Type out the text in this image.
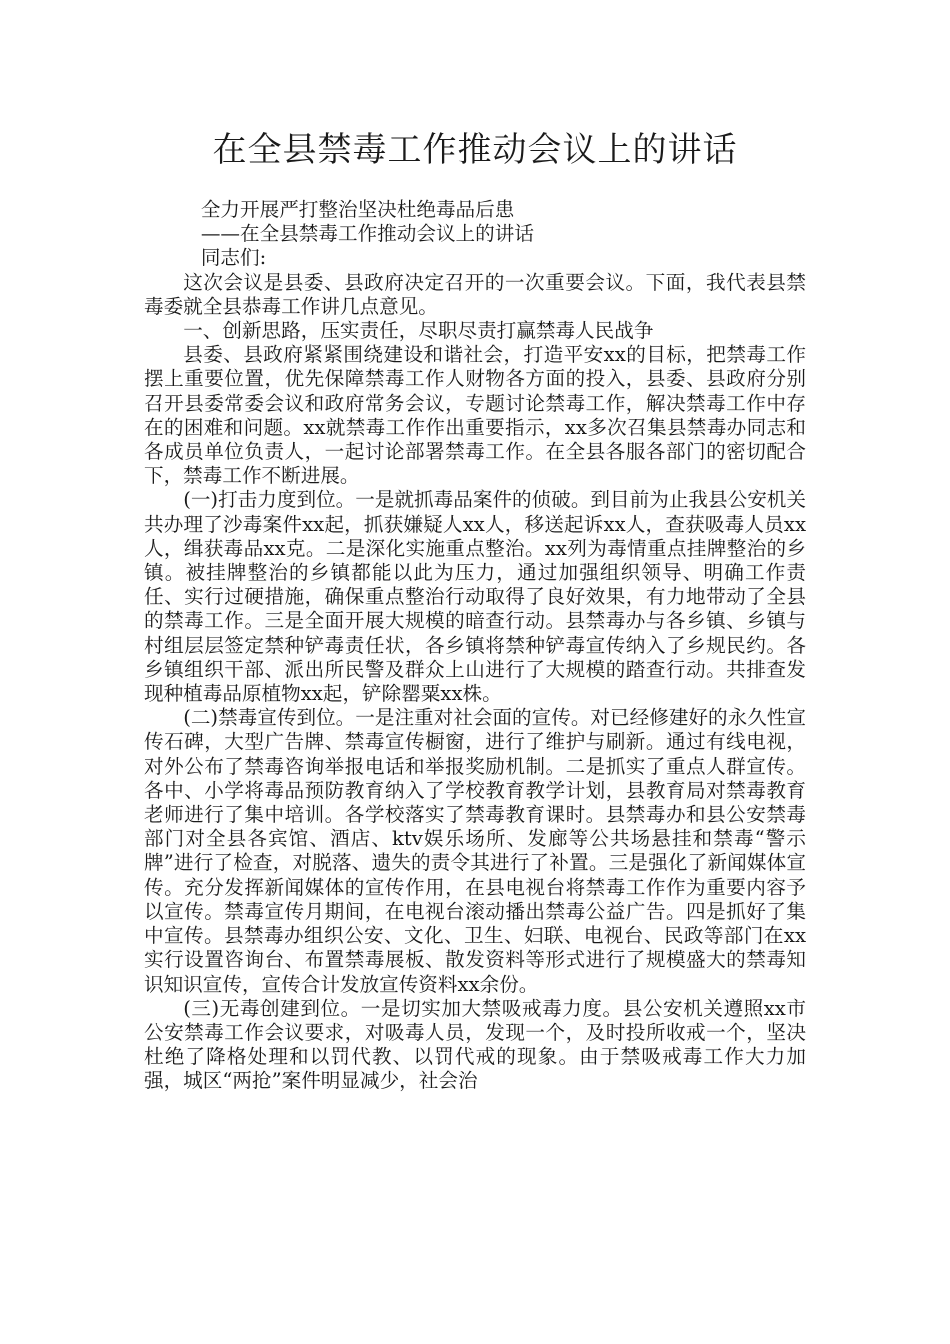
在全县禁毒工作推动会议上的讲话

全力开展严打整治坚决杜绝毒品后患

——在全县禁毒工作推动会议上的讲话

同志们:

这次会议是县委、县政府决定召开的一次重要会议。下面，我代表县禁毒委就全县恭毒工作讲几点意见。

一、创新思路，压实责任，尽职尽责打赢禁毒人民战争

县委、县政府紧紧围绕建设和谐社会，打造平安xx的目标，把禁毒工作摆上重要位置，优先保障禁毒工作人财物各方面的投入，县委、县政府分别召开县委常委会议和政府常务会议，专题讨论禁毒工作，解决禁毒工作中存在的困难和问题。xx就禁毒工作作出重要指示，xx多次召集县禁毒办同志和各成员单位负责人，一起讨论部署禁毒工作。在全县各服各部门的密切配合下，禁毒工作不断进展。

(一)打击力度到位。一是就抓毒品案件的侦破。到目前为止我县公安机关共办理了沙毒案件xx起，抓获嫌疑人xx人，移送起诉xx人，查获吸毒人员xx人，缉获毒品xx克。二是深化实施重点整治。xx列为毒情重点挂牌整治的乡镇。被挂牌整治的乡镇都能以此为压力，通过加强组织领导、明确工作责任、实行过硬措施，确保重点整治行动取得了良好效果，有力地带动了全县的禁毒工作。三是全面开展大规模的暗查行动。县禁毒办与各乡镇、乡镇与村组层层签定禁种铲毒责任状，各乡镇将禁种铲毒宣传纳入了乡规民约。各乡镇组织干部、派出所民警及群众上山进行了大规模的踏查行动。共排查发现种植毒品原植物xx起，铲除罂粟xx株。

(二)禁毒宣传到位。一是注重对社会面的宣传。对已经修建好的永久性宣传石碑，大型广告牌、禁毒宣传橱窗，进行了维护与刷新。通过有线电视，对外公布了禁毒咨询举报电话和举报奖励机制。二是抓实了重点人群宣传。各中、小学将毒品预防教育纳入了学校教育教学计划，县教育局对禁毒教育老师进行了集中培训。各学校落实了禁毒教育课时。县禁毒办和县公安禁毒部门对全县各宾馆、酒店、ktv娱乐场所、发廊等公共场悬挂和禁毒“警示牌”进行了检查，对脱落、遗失的责令其进行了补置。三是强化了新闻媒体宣传。充分发挥新闻媒体的宣传作用，在县电视台将禁毒工作作为重要内容予以宣传。禁毒宣传月期间，在电视台滚动播出禁毒公益广告。四是抓好了集中宣传。县禁毒办组织公安、文化、卫生、妇联、电视台、民政等部门在xx实行设置咨询台、布置禁毒展板、散发资料等形式进行了规模盛大的禁毒知识知识宣传，宣传合计发放宣传资料xx余份。

(三)无毒创建到位。一是切实加大禁吸戒毒力度。县公安机关遵照xx市公安禁毒工作会议要求，对吸毒人员，发现一个，及时投所收戒一个，坚决杜绝了降格处理和以罚代教、以罚代戒的现象。由于禁吸戒毒工作大力加强，城区“两抢”案件明显减少，社会治
